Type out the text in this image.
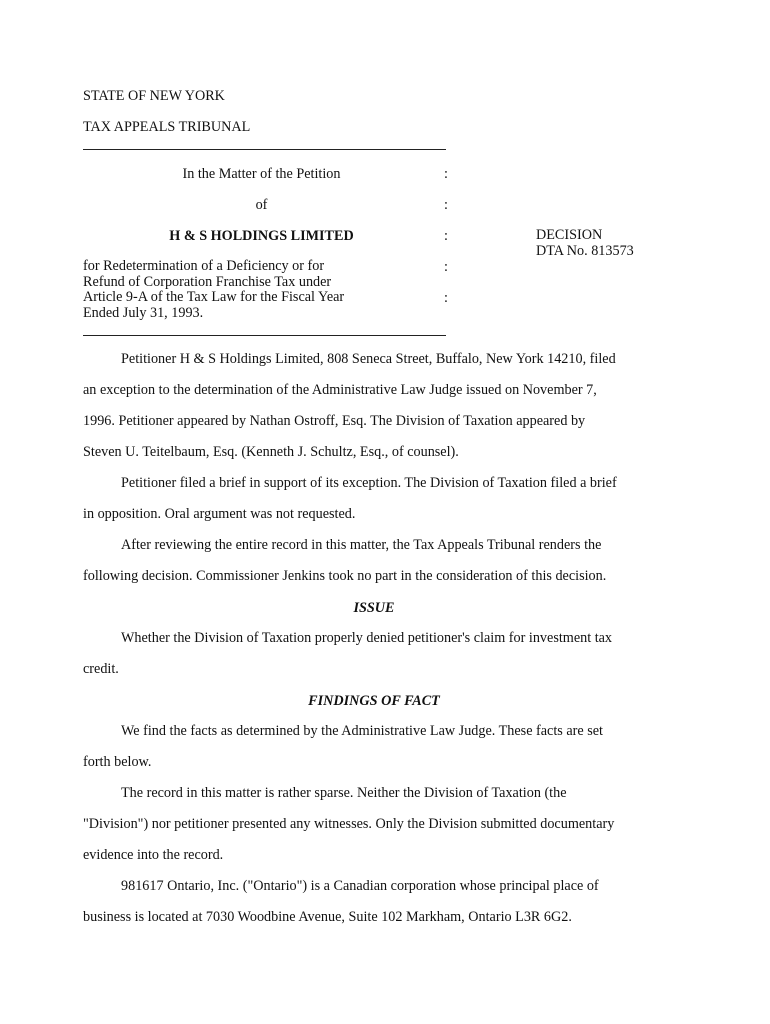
STATE OF NEW YORK
TAX APPEALS TRIBUNAL
In the Matter of the Petition
of
H & S HOLDINGS LIMITED
for Redetermination of a Deficiency or for
Refund of Corporation Franchise Tax under
Article 9-A of the Tax Law for the Fiscal Year
Ended July 31, 1993.
:
:
:
:
:
DECISION
DTA No. 813573
Petitioner H & S Holdings Limited, 808 Seneca Street, Buffalo, New York 14210, filed
an exception to the determination of the Administrative Law Judge issued on November 7,
1996. Petitioner appeared by Nathan Ostroff, Esq. The Division of Taxation appeared by
Steven U. Teitelbaum, Esq. (Kenneth J. Schultz, Esq., of counsel).
Petitioner filed a brief in support of its exception. The Division of Taxation filed a brief
in opposition. Oral argument was not requested.
After reviewing the entire record in this matter, the Tax Appeals Tribunal renders the
following decision. Commissioner Jenkins took no part in the consideration of this decision.
ISSUE
Whether the Division of Taxation properly denied petitioner's claim for investment tax
credit.
FINDINGS OF FACT
We find the facts as determined by the Administrative Law Judge. These facts are set
forth below.
The record in this matter is rather sparse. Neither the Division of Taxation (the
"Division") nor petitioner presented any witnesses. Only the Division submitted documentary
evidence into the record.
981617 Ontario, Inc. ("Ontario") is a Canadian corporation whose principal place of
business is located at 7030 Woodbine Avenue, Suite 102 Markham, Ontario L3R 6G2.
